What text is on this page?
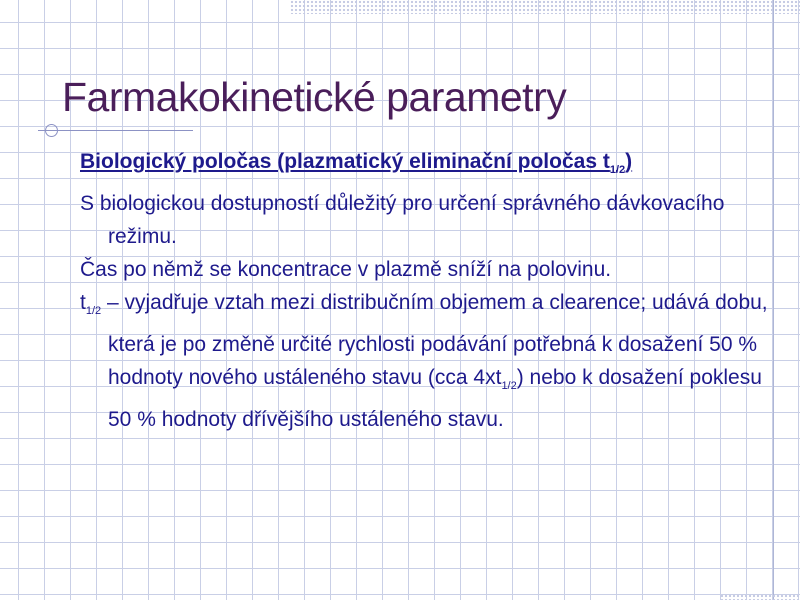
Farmakokinetické parametry

Biologický poločas (plazmatický eliminační poločas $t_{1/2}$)

S biologickou dostupností důležitý pro určení správného dávkovacího režimu.

Čas po němž se koncentrace v plazmě sníží na polovinu.

$t_{1/2}$ – vyjadřuje vztah mezi distribučním objemem a clearence; udává dobu, která je po změně určité rychlosti podávání potřebná k dosažení 50 % hodnoty nového ustáleného stavu (cca $4xt_{1/2}$) nebo k dosažení poklesu 50 % hodnoty dřívějšího ustáleného stavu.
